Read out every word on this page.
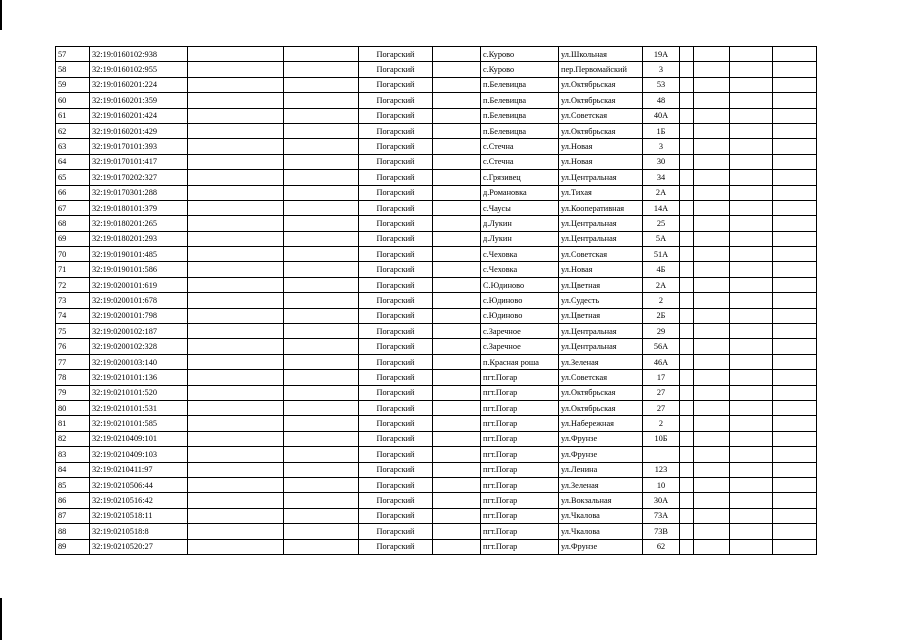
57	32:19:0160102:938			Погарский		с.Курово	ул.Школьная	19А				
58	32:19:0160102:955			Погарский		с.Курово	пер.Первомайский	3				
59	32:19:0160201:224			Погарский		п.Белевицва	ул.Октябрьская	53				
60	32:19:0160201:359			Погарский		п.Белевицва	ул.Октябрьская	48				
61	32:19:0160201:424			Погарский		п.Белевицва	ул.Советская	40А				
62	32:19:0160201:429			Погарский		п.Белевицва	ул.Октябрьская	1Б				
63	32:19:0170101:393			Погарский		с.Стечна	ул.Новая	3				
64	32:19:0170101:417			Погарский		с.Стечна	ул.Новая	30				
65	32:19:0170202:327			Погарский		с.Грязивец	ул.Центральная	34				
66	32:19:0170301:288			Погарский		д.Романовка	ул.Тихая	2А				
67	32:19:0180101:379			Погарский		с.Чаусы	ул.Кооперативная	14А				
68	32:19:0180201:265			Погарский		д.Лукин	ул.Центральная	25				
69	32:19:0180201:293			Погарский		д.Лукин	ул.Центральная	5А				
70	32:19:0190101:485			Погарский		с.Чеховка	ул.Советская	51А				
71	32:19:0190101:586			Погарский		с.Чеховка	ул.Новая	4Б				
72	32:19:0200101:619			Погарский		С.Юдиново	ул.Цветная	2А				
73	32:19:0200101:678			Погарский		с.Юдиново	ул.Судесть	2				
74	32:19:0200101:798			Погарский		с.Юдиново	ул.Цветная	2Б				
75	32:19:0200102:187			Погарский		с.Заречное	ул.Центральная	29				
76	32:19:0200102:328			Погарский		с.Заречное	ул.Центральная	56А				
77	32:19:0200103:140			Погарский		п.Красная роша	ул.Зеленая	46А				
78	32:19:0210101:136			Погарский		пгт.Погар	ул.Советская	17				
79	32:19:0210101:520			Погарский		пгт.Погар	ул.Октябрьская	27				
80	32:19:0210101:531			Погарский		пгт.Погар	ул.Октябрьская	27				
81	32:19:0210101:585			Погарский		пгт.Погар	ул.Набережная	2				
82	32:19:0210409:101			Погарский		пгт.Погар	ул.Фрунзе	10Б				
83	32:19:0210409:103			Погарский		пгт.Погар	ул.Фрунзе					
84	32:19:0210411:97			Погарский		пгт.Погар	ул.Ленина	123				
85	32:19:0210506:44			Погарский		пгт.Погар	ул.Зеленая	10				
86	32:19:0210516:42			Погарский		пгт.Погар	ул.Вокзальная	30А				
87	32:19:0210518:11			Погарский		пгт.Погар	ул.Чкалова	73А				
88	32:19:0210518:8			Погарский		пгт.Погар	ул.Чкалова	73В				
89	32:19:0210520:27			Погарский		пгт.Погар	ул.Фрунзе	62				
